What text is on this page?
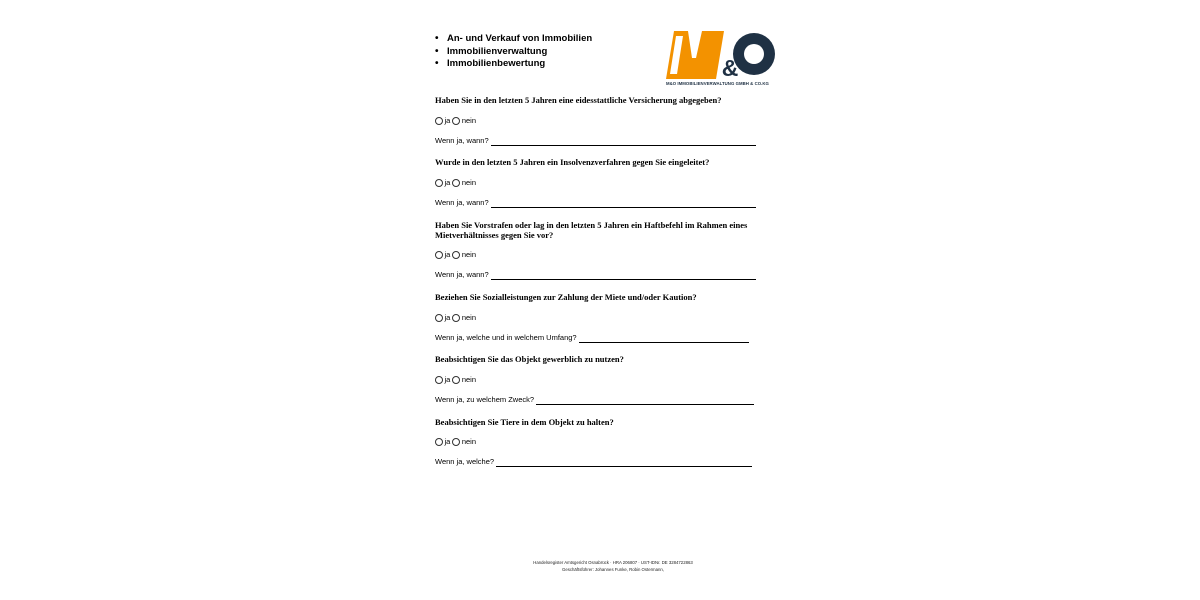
• An- und Verkauf von Immobilien
• Immobilienverwaltung
• Immobilienbewertung	&
M&O IMMOBILIENVERWALTUNG GMBH & CO.KG
Haben Sie in den letzten 5 Jahren eine eidesstattliche Versicherung abgegeben?
ja nein
Wenn ja, wann?
Wurde in den letzten 5 Jahren ein Insolvenzverfahren gegen Sie eingeleitet?
ja nein
Wenn ja, wann?
Haben Sie Vorstrafen oder lag in den letzten 5 Jahren ein Haftbefehl im Rahmen eines Mietverhältnisses gegen Sie vor?
ja nein
Wenn ja, wann?
Beziehen Sie Sozialleistungen zur Zahlung der Miete und/oder Kaution?
ja nein
Wenn ja, welche und in welchem Umfang?
Beabsichtigen Sie das Objekt gewerblich zu nutzen?
ja nein
Wenn ja, zu welchem Zweck?
Beabsichtigen Sie Tiere in dem Objekt zu halten?
ja nein
Wenn ja, welche?
Handelsregister Amtsgericht Osnabrück · HRA 206807 · UST-IDNr. DE 3284722863
Geschäftsführer: Johannes Funke, Robin Ostermann,
